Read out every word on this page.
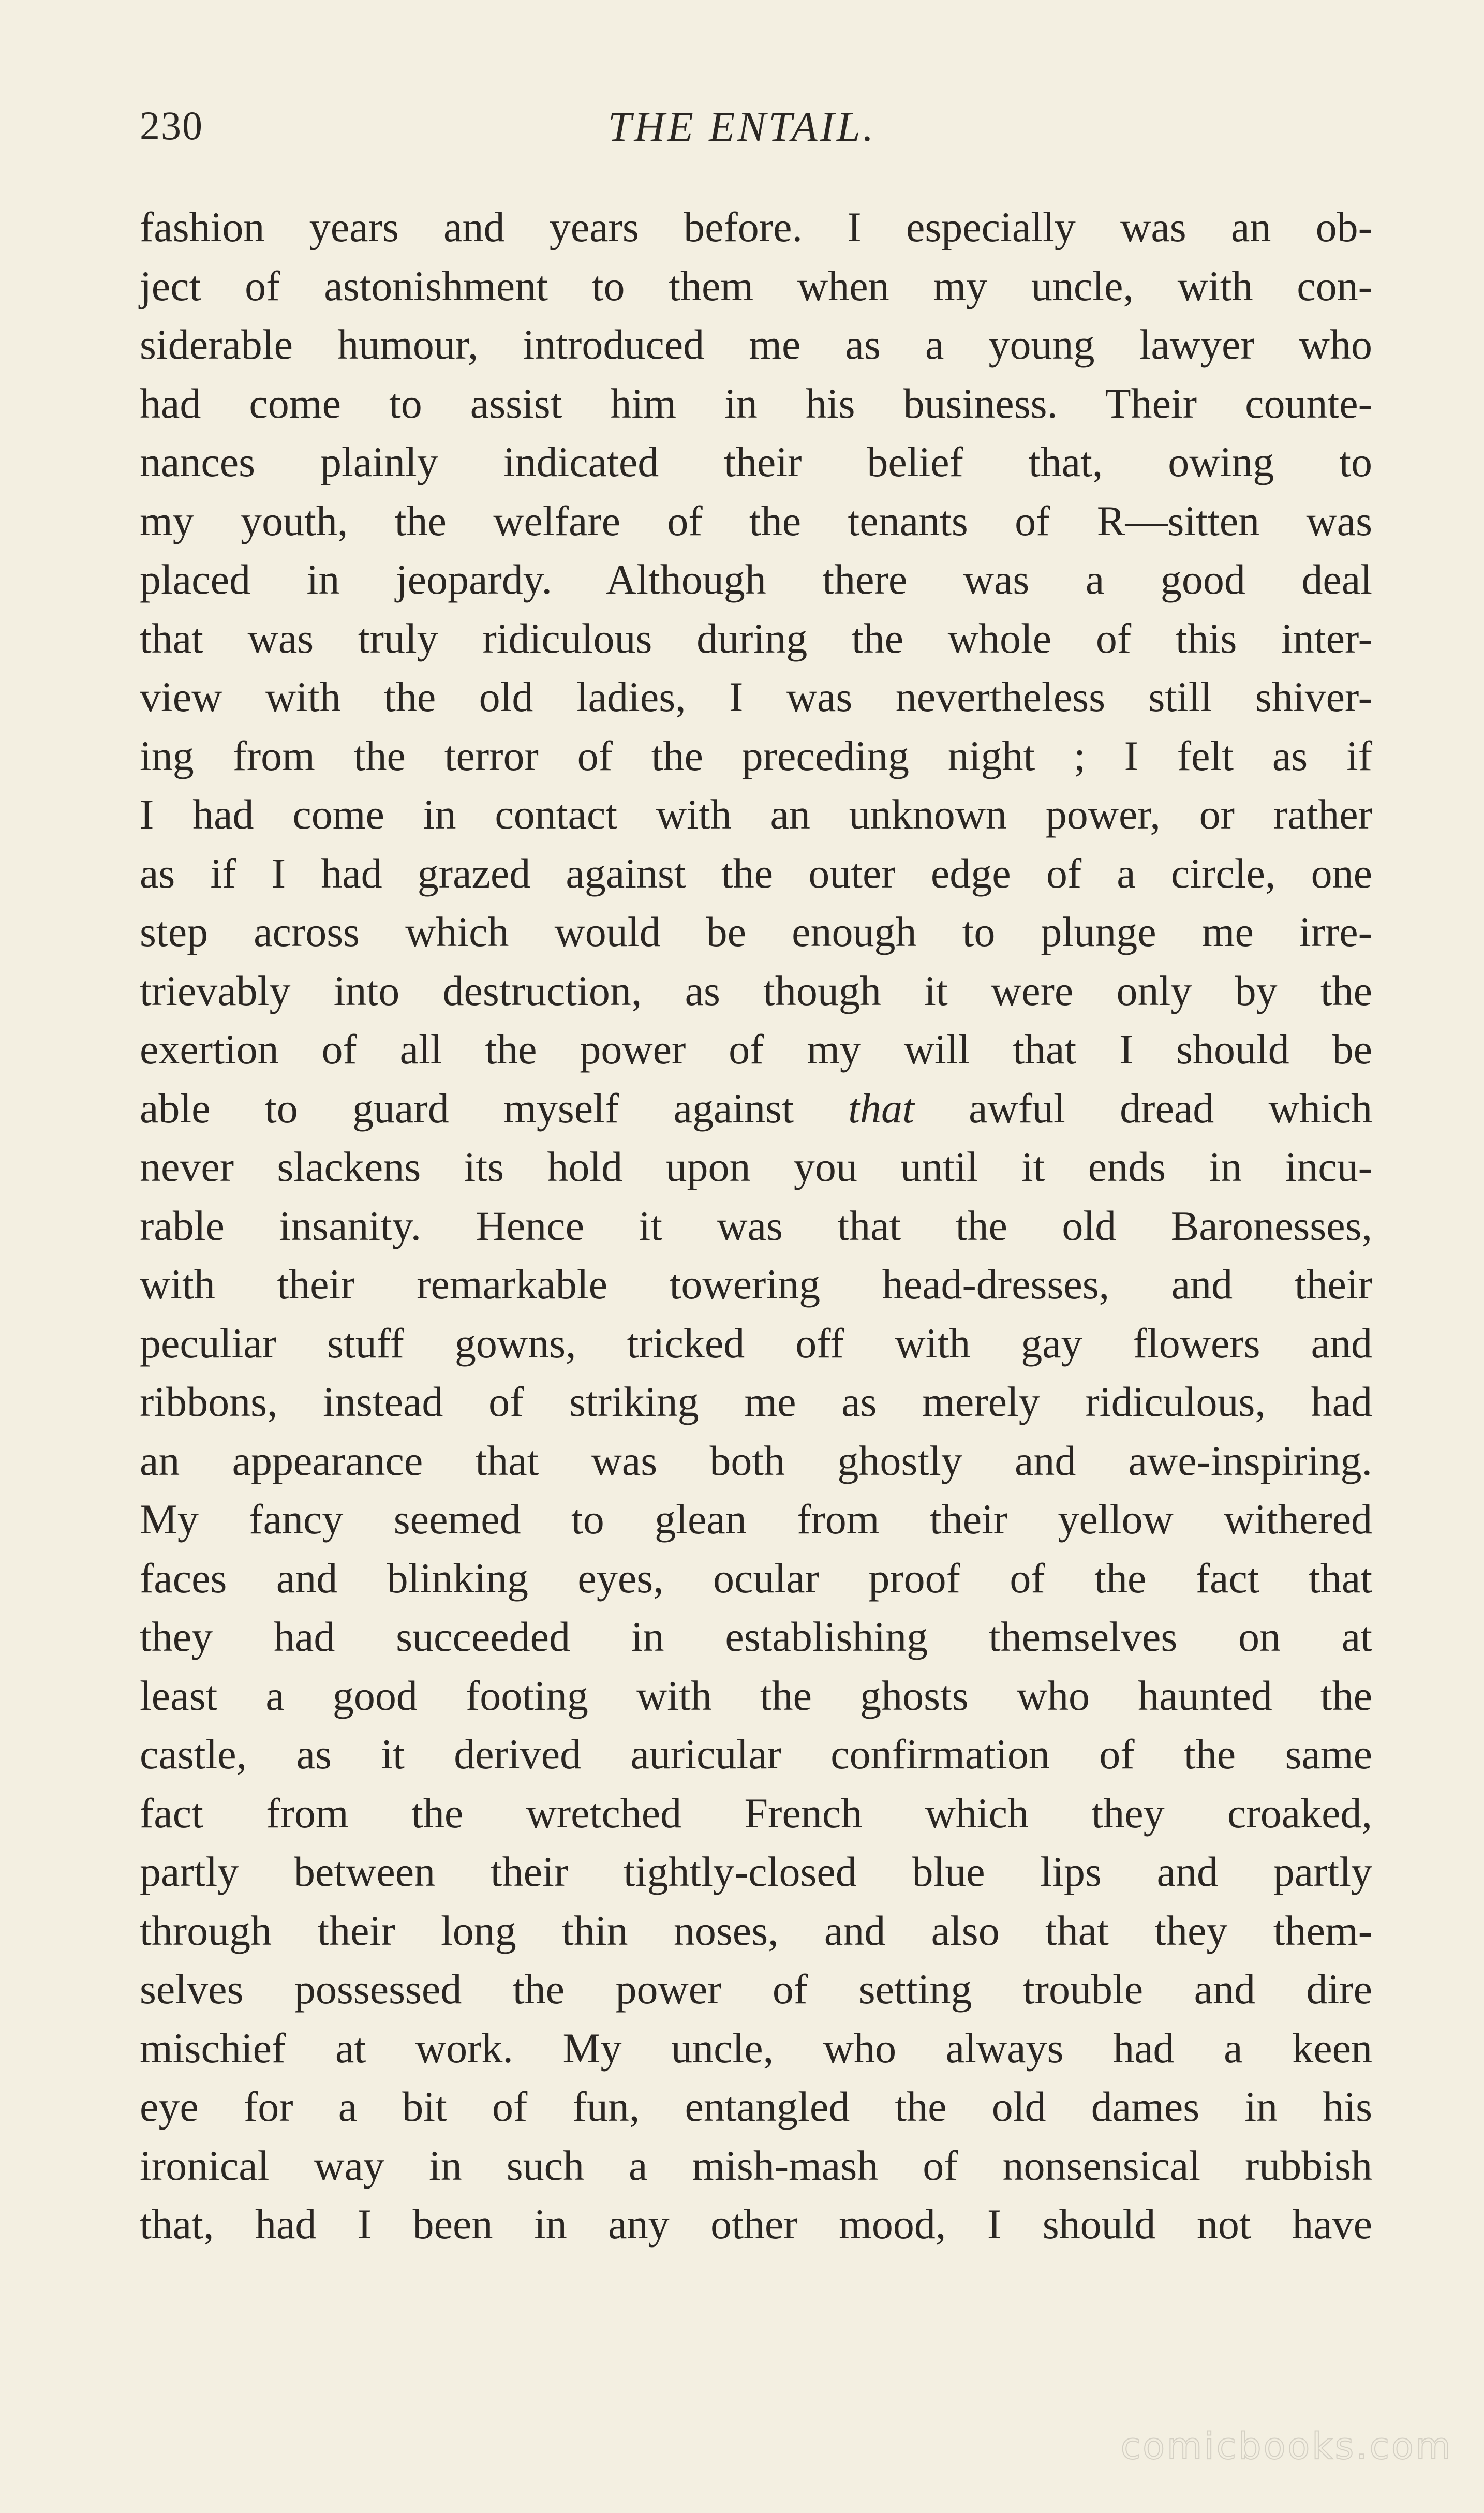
230	THE ENTAIL.
fashion years and years before. I especially was an ob-
ject of astonishment to them when my uncle, with con-
siderable humour, introduced me as a young lawyer who
had come to assist him in his business. Their counte-
nances plainly indicated their belief that, owing to
my youth, the welfare of the tenants of R—sitten was
placed in jeopardy. Although there was a good deal
that was truly ridiculous during the whole of this inter-
view with the old ladies, I was nevertheless still shiver-
ing from the terror of the preceding night ; I felt as if
I had come in contact with an unknown power, or rather
as if I had grazed against the outer edge of a circle, one
step across which would be enough to plunge me irre-
trievably into destruction, as though it were only by the
exertion of all the power of my will that I should be
able to guard myself against that awful dread which
never slackens its hold upon you until it ends in incu-
rable insanity. Hence it was that the old Baronesses,
with their remarkable towering head-dresses, and their
peculiar stuff gowns, tricked off with gay flowers and
ribbons, instead of striking me as merely ridiculous, had
an appearance that was both ghostly and awe-inspiring.
My fancy seemed to glean from their yellow withered
faces and blinking eyes, ocular proof of the fact that
they had succeeded in establishing themselves on at
least a good footing with the ghosts who haunted the
castle, as it derived auricular confirmation of the same
fact from the wretched French which they croaked,
partly between their tightly-closed blue lips and partly
through their long thin noses, and also that they them-
selves possessed the power of setting trouble and dire
mischief at work. My uncle, who always had a keen
eye for a bit of fun, entangled the old dames in his
ironical way in such a mish-mash of nonsensical rubbish
that, had I been in any other mood, I should not have
comicbooks.com
